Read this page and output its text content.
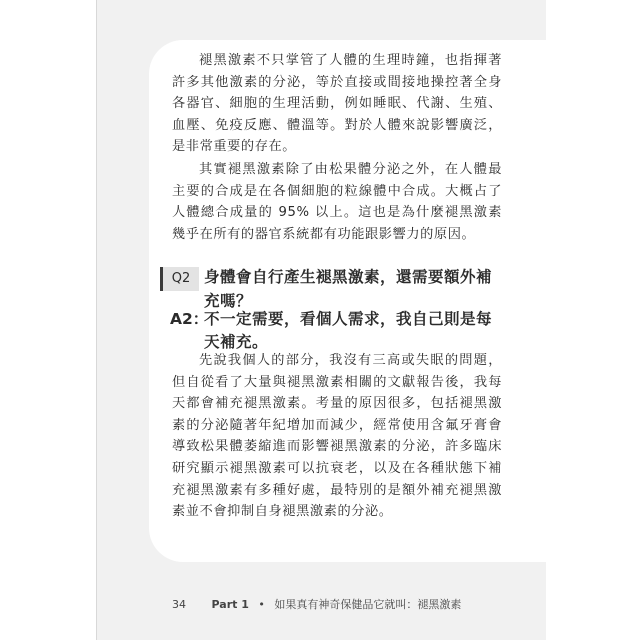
褪黑激素不只掌管了人體的生理時鐘，也指揮著許多其他激素的分泌，等於直接或間接地操控著全身各器官、細胞的生理活動，例如睡眠、代謝、生殖、血壓、免疫反應、體溫等。對於人體來說影響廣泛，是非常重要的存在。

其實褪黑激素除了由松果體分泌之外，在人體最主要的合成是在各個細胞的粒線體中合成。大概占了人體總合成量的 95% 以上。這也是為什麼褪黑激素幾乎在所有的器官系統都有功能跟影響力的原因。

Q2 身體會自行產生褪黑激素，還需要額外補充嗎？
A2：
不一定需要，看個人需求，我自己則是每天補充。

先說我個人的部分，我沒有三高或失眠的問題，但自從看了大量與褪黑激素相關的文獻報告後，我每天都會補充褪黑激素。考量的原因很多，包括褪黑激素的分泌隨著年紀增加而減少，經常使用含氟牙膏會導致松果體萎縮進而影響褪黑激素的分泌，許多臨床研究顯示褪黑激素可以抗衰老，以及在各種狀態下補充褪黑激素有多種好處，最特別的是額外補充褪黑激素並不會抑制自身褪黑激素的分泌。

34 Part 1 • 如果真有神奇保健品它就叫：褪黑激素
